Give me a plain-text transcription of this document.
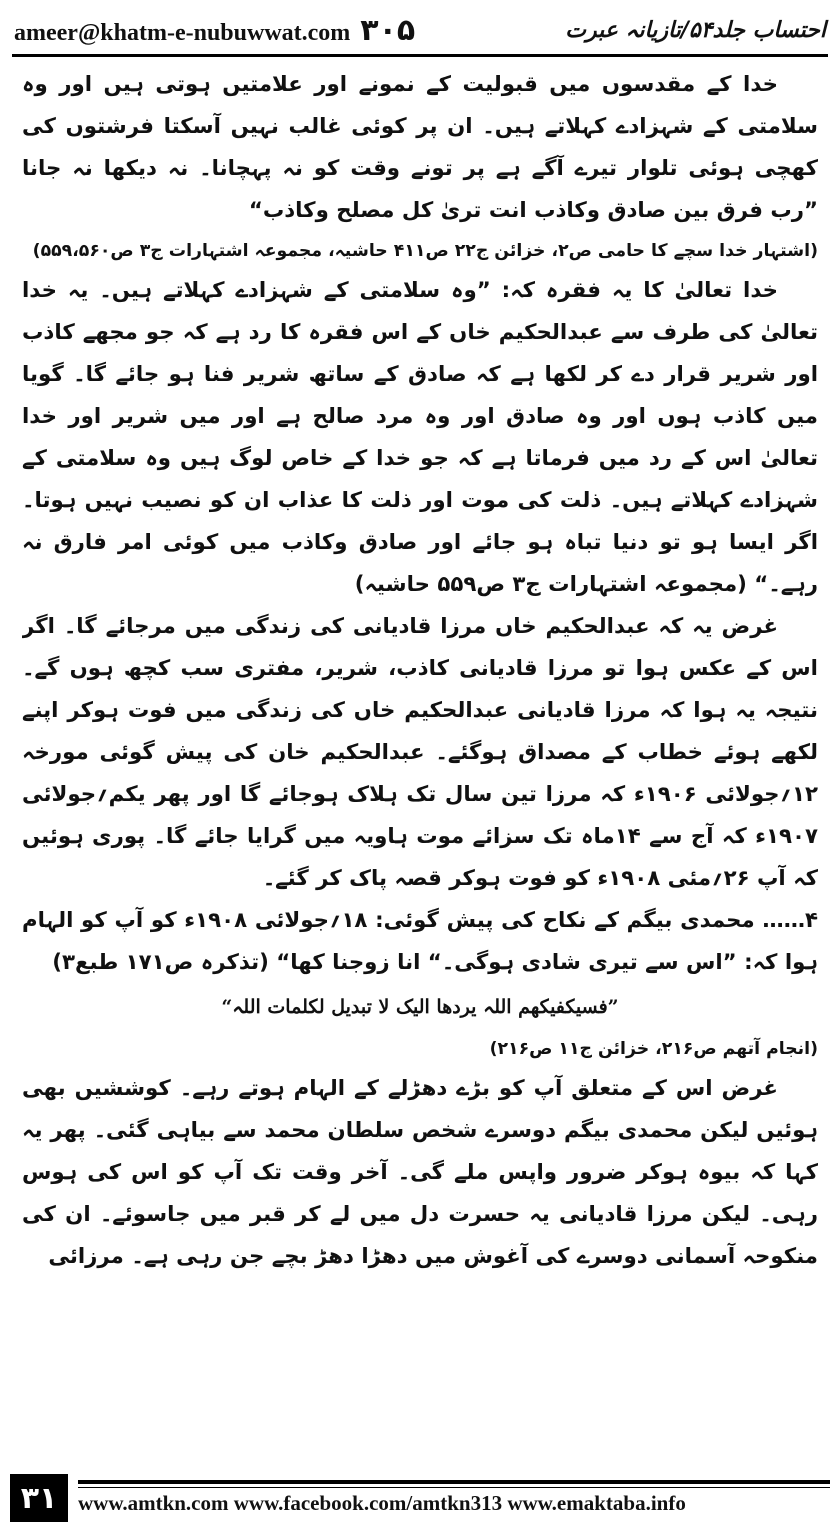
ameer@khatm-e-nubuwwat.com ۳۰۵	احتساب جلد۵۴/تازیانہ عبرت

خدا کے مقدسوں میں قبولیت کے نمونے اور علامتیں ہوتی ہیں اور وہ سلامتی کے شہزادے کہلاتے ہیں۔ ان پر کوئی غالب نہیں آسکتا فرشتوں کی کھچی ہوئی تلوار تیرے آگے ہے پر تونے وقت کو نہ پہچانا۔ نہ دیکھا نہ جانا ”رب فرق بین صادق وکاذب انت تریٰ کل مصلح وکاذب“

(اشتہار خدا سچے کا حامی ص۲، خزائن ج۲۲ ص۴۱۱ حاشیہ، مجموعہ اشتہارات ج۳ ص۵۵۹،۵۶۰)

خدا تعالیٰ کا یہ فقرہ کہ: ”وہ سلامتی کے شہزادے کہلاتے ہیں۔ یہ خدا تعالیٰ کی طرف سے عبدالحکیم خاں کے اس فقرہ کا رد ہے کہ جو مجھے کاذب اور شریر قرار دے کر لکھا ہے کہ صادق کے ساتھ شریر فنا ہو جائے گا۔ گویا میں کاذب ہوں اور وہ صادق اور وہ مرد صالح ہے اور میں شریر اور خدا تعالیٰ اس کے رد میں فرماتا ہے کہ جو خدا کے خاص لوگ ہیں وہ سلامتی کے شہزادے کہلاتے ہیں۔ ذلت کی موت اور ذلت کا عذاب ان کو نصیب نہیں ہوتا۔ اگر ایسا ہو تو دنیا تباہ ہو جائے اور صادق وکاذب میں کوئی امر فارق نہ رہے۔“ (مجموعہ اشتہارات ج۳ ص۵۵۹ حاشیہ)

غرض یہ کہ عبدالحکیم خاں مرزا قادیانی کی زندگی میں مرجائے گا۔ اگر اس کے عکس ہوا تو مرزا قادیانی کاذب، شریر، مفتری سب کچھ ہوں گے۔ نتیجہ یہ ہوا کہ مرزا قادیانی عبدالحکیم خاں کی زندگی میں فوت ہوکر اپنے لکھے ہوئے خطاب کے مصداق ہوگئے۔ عبدالحکیم خان کی پیش گوئی مورخہ ۱۲؍جولائی ۱۹۰۶ء کہ مرزا تین سال تک ہلاک ہوجائے گا اور پھر یکم؍جولائی ۱۹۰۷ء کہ آج سے ۱۴ماہ تک سزائے موت ہاویہ میں گرایا جائے گا۔ پوری ہوئیں کہ آپ ۲۶؍مئی ۱۹۰۸ء کو فوت ہوکر قصہ پاک کر گئے۔

۴…… محمدی بیگم کے نکاح کی پیش گوئی: ۱۸؍جولائی ۱۹۰۸ء کو آپ کو الہام ہوا کہ: ”اس سے تیری شادی ہوگی۔“ انا زوجنا کھا“ (تذکرہ ص۱۷۱ طبع۳)

”فسیکفیکھم اللہ یردھا الیک لا تبدیل لکلمات اللہ“

(انجام آتھم ص۲۱۶، خزائن ج۱۱ ص۲۱۶)

غرض اس کے متعلق آپ کو بڑے دھڑلے کے الہام ہوتے رہے۔ کوششیں بھی ہوئیں لیکن محمدی بیگم دوسرے شخص سلطان محمد سے بیاہی گئی۔ پھر یہ کہا کہ بیوہ ہوکر ضرور واپس ملے گی۔ آخر وقت تک آپ کو اس کی ہوس رہی۔ لیکن مرزا قادیانی یہ حسرت دل میں لے کر قبر میں جاسوئے۔ ان کی منکوحہ آسمانی دوسرے کی آغوش میں دھڑا دھڑ بچے جن رہی ہے۔ مرزائی

۳۱ www.amtkn.com www.facebook.com/amtkn313 www.emaktaba.info
